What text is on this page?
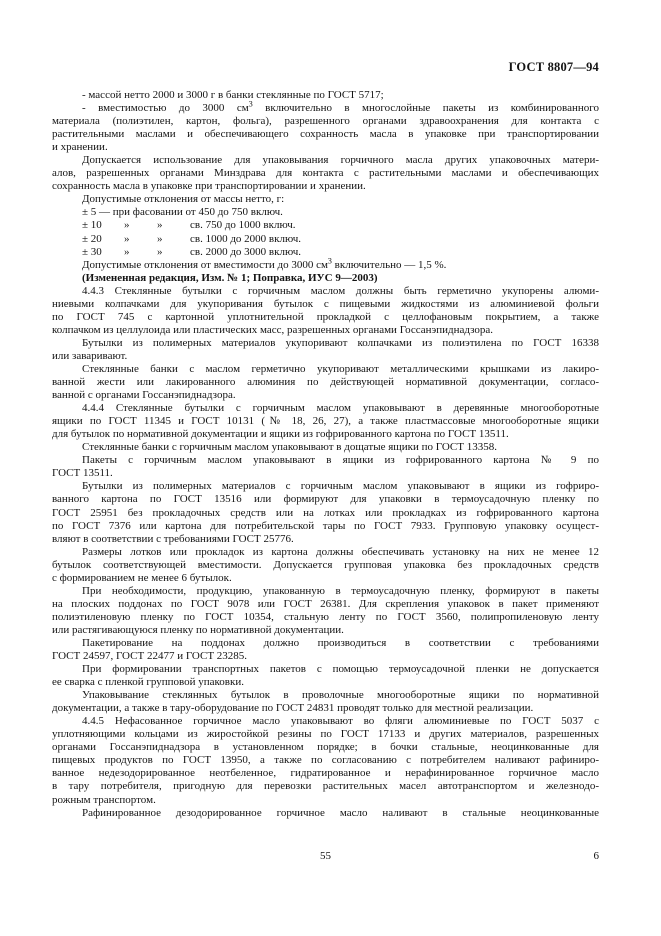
ГОСТ 8807—94
- массой нетто 2000 и 3000 г в банки стеклянные по ГОСТ 5717;
- вместимостью до 3000 $см^3$ включительно в многослойные пакеты из комбинированного
материала (полиэтилен, картон, фольга), разрешенного органами здравоохранения для контакта с
растительными маслами и обеспечивающего сохранность масла в упаковке при транспортировании
и хранении.
Допускается использование для упаковывания горчичного масла других упаковочных матери-
алов, разрешенных органами Минздрава для контакта с растительными маслами и обеспечивающих
сохранность масла в упаковке при транспортировании и хранении.
Допустимые отклонения от массы нетто, г:
± 5 — при фасовании от 450 до 750 включ.
± 10 »	»	св. 750 до 1000 включ.
± 20 »	»	св. 1000 до 2000 включ.
± 30 »	»	св. 2000 до 3000 включ.
Допустимые отклонения от вместимости до 3000 $см^3$ включительно — 1,5 %.
(Измененная редакция, Изм. № 1; Поправка, ИУС 9—2003)
4.4.3 Стеклянные бутылки с горчичным маслом должны быть герметично укупорены алюми-
ниевыми колпачками для укупоривания бутылок с пищевыми жидкостями из алюминиевой фольги
по ГОСТ 745 с картонной уплотнительной прокладкой с целлофановым покрытием, а также
колпачком из целлулоида или пластических масс, разрешенных органами Госсанэпиднадзора.
Бутылки из полимерных материалов укупоривают колпачками из полиэтилена по ГОСТ 16338
или заваривают.
Стеклянные банки с маслом герметично укупоривают металлическими крышками из лакиро-
ванной жести или лакированного алюминия по действующей нормативной документации, согласо-
ванной с органами Госсанэпиднадзора.
4.4.4 Стеклянные бутылки с горчичным маслом упаковывают в деревянные многооборотные
ящики по ГОСТ 11345 и ГОСТ 10131 (№ 18, 26, 27), а также пластмассовые многооборотные ящики
для бутылок по нормативной документации и ящики из гофрированного картона по ГОСТ 13511.
Стеклянные банки с горчичным маслом упаковывают в дощатые ящики по ГОСТ 13358.
Пакеты с горчичным маслом упаковывают в ящики из гофрированного картона № 9 по
ГОСТ 13511.
Бутылки из полимерных материалов с горчичным маслом упаковывают в ящики из гофриро-
ванного картона по ГОСТ 13516 или формируют для упаковки в термоусадочную пленку по
ГОСТ 25951 без прокладочных средств или на лотках или прокладках из гофрированного картона
по ГОСТ 7376 или картона для потребительской тары по ГОСТ 7933. Групповую упаковку осущест-
вляют в соответствии с требованиями ГОСТ 25776.
Размеры лотков или прокладок из картона должны обеспечивать установку на них не менее 12
бутылок соответствующей вместимости. Допускается групповая упаковка без прокладочных средств
с формированием не менее 6 бутылок.
При необходимости, продукцию, упакованную в термоусадочную пленку, формируют в пакеты
на плоских поддонах по ГОСТ 9078 или ГОСТ 26381. Для скрепления упаковок в пакет применяют
полиэтиленовую пленку по ГОСТ 10354, стальную ленту по ГОСТ 3560, полипропиленовую ленту
или растягивающуюся пленку по нормативной документации.
Пакетирование на поддонах должно производиться в соответствии с требованиями
ГОСТ 24597, ГОСТ 22477 и ГОСТ 23285.
При формировании транспортных пакетов с помощью термоусадочной пленки не допускается
ее сварка с пленкой групповой упаковки.
Упаковывание стеклянных бутылок в проволочные многооборотные ящики по нормативной
документации, а также в тару-оборудование по ГОСТ 24831 проводят только для местной реализации.
4.4.5 Нефасованное горчичное масло упаковывают во фляги алюминиевые по ГОСТ 5037 с
уплотняющими кольцами из жиростойкой резины по ГОСТ 17133 и других материалов, разрешенных
органами Госсанэпиднадзора в установленном порядке; в бочки стальные, неоцинкованные для
пищевых продуктов по ГОСТ 13950, а также по согласованию с потребителем наливают рафиниро-
ванное недезодорированное неотбеленное, гидратированное и нерафинированное горчичное масло
в тару потребителя, пригодную для перевозки растительных масел автотранспортом и железнодо-
рожным транспортом.
Рафинированное дезодорированное горчичное масло наливают в стальные неоцинкованные
55	6
